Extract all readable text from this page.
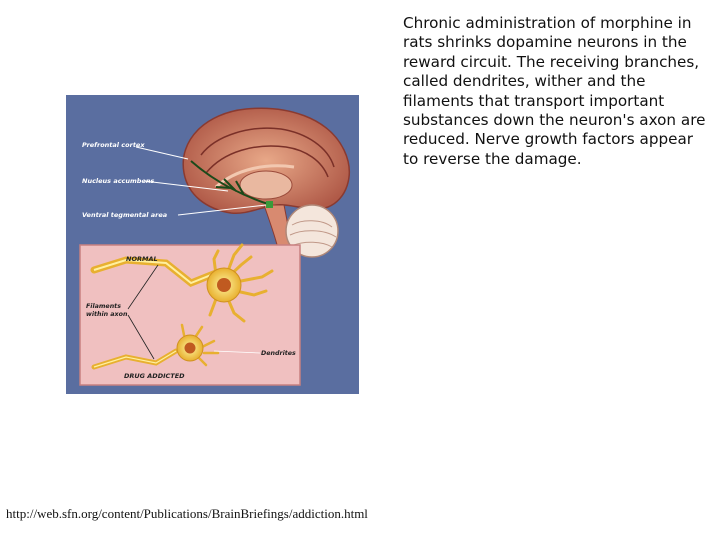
Prefrontal cortex
Nucleus accumbens
Ventral tegmental area
NORMAL
Filaments
within axon
Dendrites
DRUG ADDICTED

Chronic administration of morphine in rats shrinks dopamine neurons in the reward circuit. The receiving branches, called dendrites, wither and the filaments that transport important substances down the neuron's axon are reduced. Nerve growth factors appear to reverse the damage.

http://web.sfn.org/content/Publications/BrainBriefings/addiction.html
